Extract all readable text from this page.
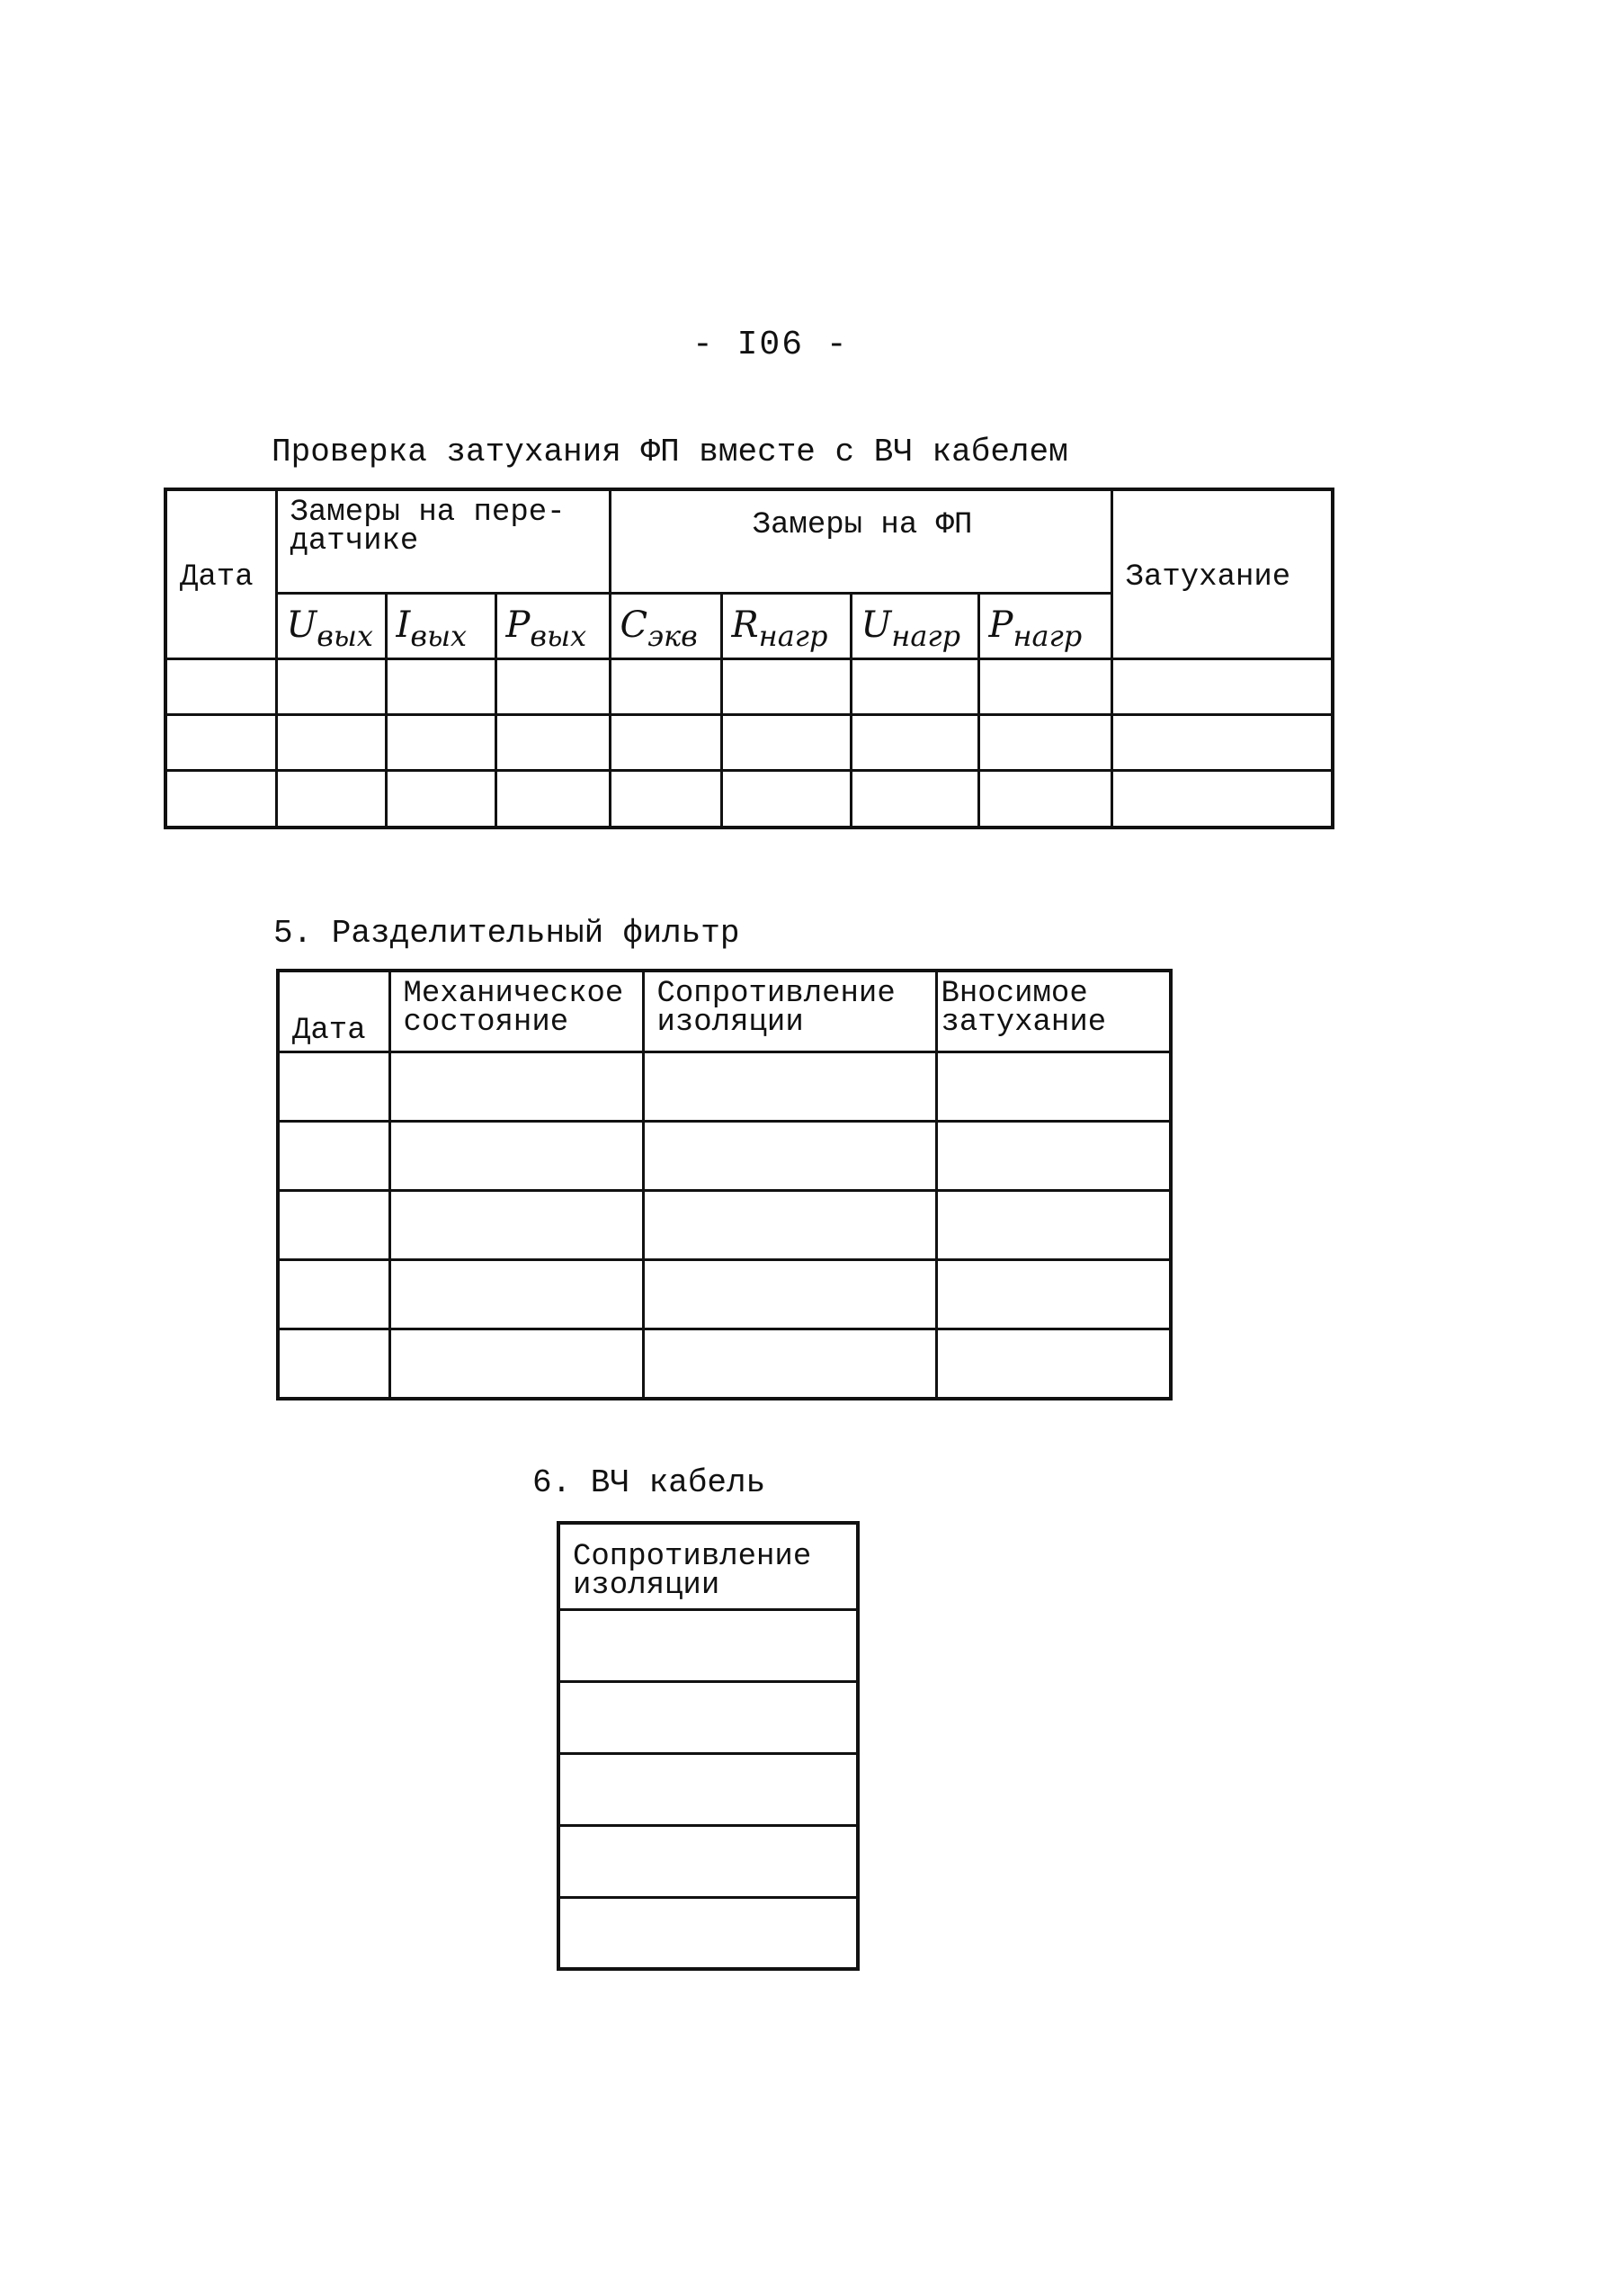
- I06 -
Проверка затухания ФП вместе с ВЧ кабелем
Дата	Замеры на пере- датчике			Замеры на ФП				Затухание
	$U_{вых}$	$I_{вых}$	$P_{вых}$	$C_{экв}$	$R_{нагр}$	$U_{нагр}$	$P_{нагр}$

5. Разделительный фильтр
Дата	Механическое состояние	Сопротивление изоляции	Вносимое затухание

6. ВЧ кабель
Сопротивление изоляции
